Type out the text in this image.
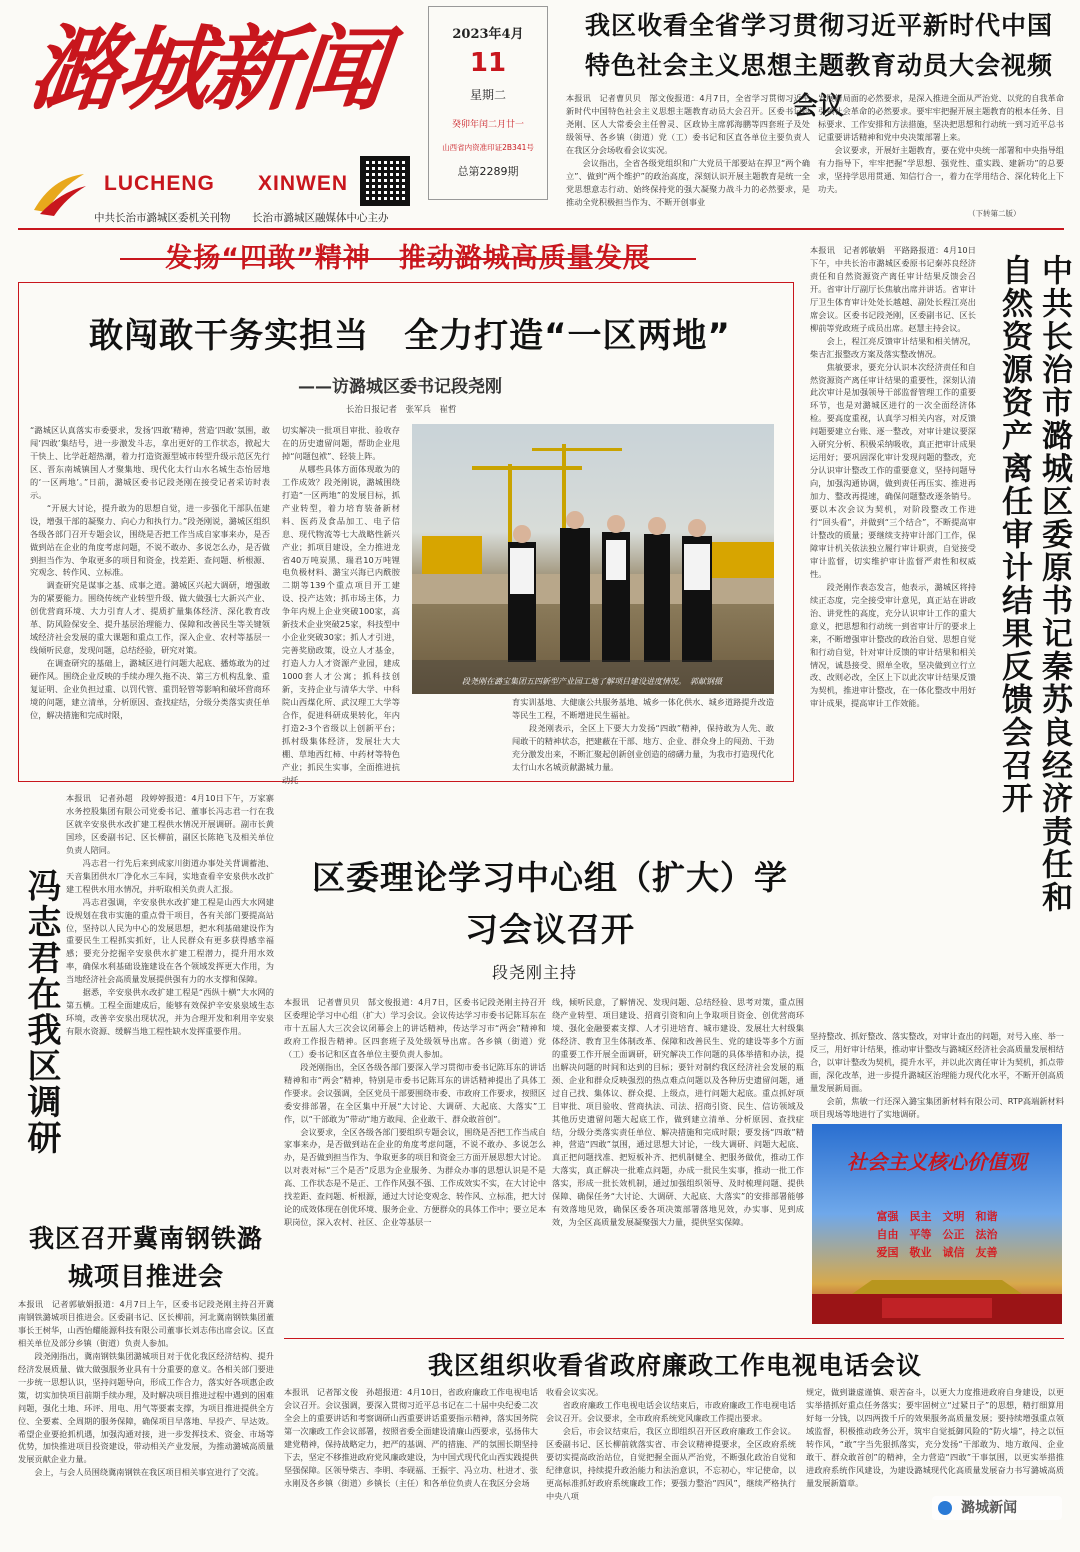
潞城新闻
LUCHENG XINWEN
中共长治市潞城区委机关刊物 长治市潞城区融媒体中心主办
2023年4月
11
星期二
癸卯年闰二月廿一
山西省内资准印证2B341号
总第2289期
我区收看全省学习贯彻习近平新时代中国特色社会主义思想主题教育动员大会视频会议
本报讯　记者曹贝贝　郜文俊报道：4月7日，全省学习贯彻习近平新时代中国特色社会主义思想主题教育动员大会召开。区委书记段尧刚、区人大常委会主任曾灵、区政协主席郭海鹏等四套班子及处级领导、各乡镇（街道）党（工）委书记和区直各单位主要负责人在我区分会场收看会议实况。
　　会议指出，全省各级党组织和广大党员干部要站在捍卫“两个确立”、做到“两个维护”的政治高度，深刻认识开展主题教育是统一全党思想意志行动、始终保持党的强大凝聚力战斗力的必然要求，是推动全党积极担当作为、不断开创事业
发展新局面的必然要求，是深入推进全面从严治党、以党的自我革命引领社会革命的必然要求。要牢牢把握开展主题教育的根本任务、目标要求、工作安排和方法措施，坚决把思想和行动统一到习近平总书记重要讲话精神和党中央决策部署上来。
　　会议要求，开展好主题教育，要在党中央统一部署和中央指导组有力指导下，牢牢把握“学思想、强党性、重实践、建新功”的总要求，坚持学思用贯通、知信行合一，着力在学用结合、深化转化上下功夫。
（下转第二版）
发扬“四敢”精神　推动潞城高质量发展
敢闯敢干务实担当　全力打造“一区两地”
——访潞城区委书记段尧刚
长治日报记者　张军兵　崔哲
“潞城区认真落实市委要求，发扬‘四敢’精神，营造‘四敢’氛围，敢闯‘四敢’集结号，进一步激发斗志，拿出更好的工作状态，掀起大干快上、比学赶超热潮，着力打造资源型城市转型升级示范区先行区、晋东南城镇国人才聚集地、现代化太行山水名城生态怡居地的‘一区两地’。”日前，潞城区委书记段尧刚在接受记者采访时表示。
　　“开展大讨论，提升敢为的思想自觉，进一步强化干部队伍建设，增强干部的凝聚力、向心力和执行力。”段尧刚说，潞城区组织各级各部门召开专题会议，围绕是否把工作当成自家事来办，是否做到站在企业的角度考虑问题，不说不敢办、多说怎么办，是否做到担当作为、争取更多的项目和资金，找差距、查问题、析根源、究观念、转作风、立标准。
　　调查研究是谋事之基、成事之道。潞城区兴起大调研，增强敢为的紧要能力。围绕传统产业转型升级、做大做强七大新兴产业、创优营商环境、大力引育人才、提质扩量集体经济、深化教育改革、防风险保安全、提升基层治理能力、保障和改善民生等关键领域经济社会发展的重大课题和重点工作，深入企业、农村等基层一线倾听民意，发现问题，总结经验，研究对策。
　　在调查研究的基础上，潞城区进行问题大起底、播炼敢为的过硬作风。围绕企业反映的手续办理久拖不决、第三方机构乱象、重复证明、企业负担过重、以罚代管、重罚轻管等影响和破坏营商环境的问题，建立清单，分析原因、查找症结，分级分类落实责任单位，解决措施和完成时限，
切实解决一批项目审批、验收存在的历史遗留问题，帮助企业甩掉“问题包袱”、轻装上阵。
　　从哪些具体方面体现敢为的工作成效？段尧刚说，潞城围绕打造“一区两地”的发展目标，抓产业转型，着力培育装备新材料、医药及食品加工、电子信息、现代物流等七大战略性新兴产业；抓项目建设，全力推进龙省40万吨炭黑、瑞君10万吨锂电负极材料、潞宝兴海已内酰胺二期等139个重点项目开工建设、投产达效；抓市场主体，力争年内规上企业突破100家，高新技术企业突破25家，科技型中小企业突破30家；抓人才引进，完善奖励政策，设立人才基金，打造人力人才资源产业园，建成1000套人才公寓；抓科技创新，支持企业与清华大学、中科院山西煤化所、武汉理工大学等合作，促进科研成果转化，年内打造2-3个省级以上创新平台；抓村级集体经济，发展壮大大棚、草地西红柿、中药材等特色产业；抓民生实事，全面推进抗动托
育实训基地、大健康公共服务基地、城乡一体化供水、城乡道路提升改造等民生工程，不断增进民生福祉。
　　段尧刚表示，全区上下要大力发扬“四敢”精神，保持敢为人先、敢闯敢干的精神状态，把建蔽在干部、地方、企业、群众身上的闯劲、干劲充分激发出来，不断汇聚起创新创业创造的磅礴力量，为我市打造现代化太行山水名城贡献潞城力量。
段尧刚在潞宝集团五四新型产业园工地了解项目建设进度情况。　郭献钢摄	中共长治市潞城区委原书记秦苏良经济责任和自然资源资产离任审计结果反馈会召开
本报讯　记者郭敏娟　平路路报道：4月10日下午，中共长治市潞城区委原书记秦苏良经济责任和自然资源资产离任审计结果反馈会召开。省审计厅副厅长焦敏出席并讲话。省审计厅卫生体育审计处处长越越、副处长程江亮出席会议。区委书记段尧刚，区委副书记、区长柳前等党政班子成员出席。赵慧主持会议。
　　会上，程江亮反馈审计结果和相关情况，柴吉汇报整改方案及落实整改情况。
　　焦敏要求，要充分认识本次经济责任和自然资源资产离任审计结果的重要性，深刻认清此次审计是加强领导干部监督管理工作的重要环节，也是对潞城区进行的一次全面经济体检。要高度重视，认真学习相关内容，对反馈问题要建立台账、逐一整改，对审计建议要深入研究分析、积极采纳吸收，真正把审计成果运用好；要巩固深化审计发现问题的整改，充分认识审计整改工作的重要意义，坚持问题导向，加强沟通协调，做到责任再压实、推进再加力、整改再提速，确保问题整改逐条销号。要以本次会议为契机，对阶段整改工作进行“回头看”，并做到“三个结合”，不断提高审计整改的质量；要继续支持审计部门工作，保障审计机关依法独立履行审计职责，自觉接受审计监督，切实维护审计监督严肃性和权威性。
　　段尧刚作表态发言，他表示，潞城区将持续正态度，完全接受审计意见，真正站在讲政治、讲党性的高度，充分认识审计工作的重大意义，把思想和行动统一到省审计厅的要求上来，不断增强审计整改的政治自觉、思想自觉和行动自觉，针对审计反馈的审计结果和相关情况，诚恳接受、照单全收，坚决做到立行立改、改则必改，全区上下以此次审计结果反馈为契机，推进审计整改，在一体化整改中用好审计成果，提高审计工作效能。
坚持整改、抓好整改、落实整改，对审计查出的问题，对号入座、举一反三，用好审计结果，推动审计整改与潞城区经济社会高质量发展相结合，以审计整改为契机，提升水平，并以此次离任审计为契机，抓点带面，深化改革，进一步提升潞城区治理能力现代化水平，不断开创高质量发展新局面。
　　会前，焦敏一行还深入潞宝集团新材料有限公司、RTP高端新材料项目现场等地进行了实地调研。
社会主义核心价值观
富强　民主　文明　和谐
自由　平等　公正　法治
爱国　敬业　诚信　友善
冯志君在我区调研
本报讯　记者孙超　段婷婷报道：4月10日下午，万家寨水务控股集团有限公司党委书记、董事长冯志君一行在我区就辛安泉供水改扩建工程供水情况开展调研。副市长黄国珍，区委副书记、区长柳前，副区长陈艳飞及相关单位负责人陪同。
　　冯志君一行先后来到成家川街道办事处关背调蓄池、天音集团供水厂净化水三车间，实地查看辛安泉供水改扩建工程供水用水情况，并听取相关负责人汇报。
　　冯志君强调，辛安泉供水改扩建工程是山西大水网建设规划在我市实施的重点骨干项目，各有关部门要提高站位，坚持以人民为中心的发展思想，把水利基础建设作为重要民生工程抓实抓好，让人民群众有更多获得感幸福感；要充分挖掘辛安泉供水扩建工程潜力，提升用水效率，确保水利基础设施建设在各个领域发挥更大作用，为当地经济社会高质量发展提供强有力的水支撑和保障。
　　据悉，辛安泉供水改扩建工程是“西纵十横”大水网的第五横。工程全面建成后，能够有效保护辛安泉泉域生态环境，改善辛安泉出现状况，并为合理开发和利用辛安泉有限水资源、缓解当地工程性缺水发挥重要作用。
区委理论学习中心组（扩大）学习会议召开
段尧刚主持
本报讯　记者曹贝贝　郜文俊报道：4月7日，区委书记段尧刚主持召开区委理论学习中心组（扩大）学习会议。会议传达学习市委书记陈耳东在市十五届人大三次会议闭幕会上的讲话精神，传达学习市“两会”精神和政府工作报告精神。区四套班子及处级领导出席。各乡镇（街道）党（工）委书记和区直各单位主要负责人参加。
　　段尧刚指出，全区各级各部门要深入学习贯彻市委书记陈耳东的讲话精神和市“两会”精神，特别是市委书记陈耳东的讲话精神提出了具体工作要求。会议强调，全区党员干部要围绕市委、市政府工作要求，按照区委安排部署，在全区集中开展“大讨论、大调研、大起底、大落实”工作，以“干部敢为”带动“地方敢闯、企业敢干、群众敢首创”。
　　会议要求，全区各级各部门要组织专题会议，围绕是否把工作当成自家事来办，是否做到站在企业的角度考虑问题，不说不敢办、多说怎么办，是否做到担当作为、争取更多的项目和资金三方面开展思想大讨论。以对表对标“三个是否”反思为企业服务、为群众办事的思想认识是不是高、工作状态是不是正、工作作风强不强、工作成效实不实，在大讨论中找差距、查问题、析根源，通过大讨论变观念、转作风、立标准，把大讨论的成效体现在创优环境、服务企业、方便群众的具体工作中；要立足本职岗位，深入农村、社区、企业等基层一
线，倾听民意，了解情况、发现问题、总结经验、思考对策，重点围绕产业转型、项目建设、招商引资和向上争取项目资金、创优营商环境、强化金融要素支撑、人才引进培育、城市建设、发展壮大村级集体经济、教育卫生体制改革、保障和改善民生、党的建设等多个方面的重要工作开展全面调研，研究解决工作问题的具体举措和办法，提出解决问题的时间和达到的目标；要针对制约我区经济社会发展的瓶颈、企业和群众反映强烈的热点难点问题以及各种历史遗留问题，通过自己找、集体议、群众提、上级点，进行问题大起底。重点抓好项目审批、项目验收、营商执法、司法、招商引资、民生、信访领域及其他历史遗留问题大起底工作，做到建立清单、分析原因、查找症结，分级分类落实责任单位、解决措施和完成时限；要发扬“四敢”精神，营造“四敢”氛围，通过思想大讨论，一线大调研、问题大起底、真正把问题找准、把短板补齐、把机制健全、把服务做优，推动工作大落实，真正解决一批难点问题，办成一批民生实事，推动一批工作落实，形成一批长效机制，通过加强组织领导、及时梳理问题、提供保障、确保任务“大讨论、大调研、大起底、大落实”的安排部署能够有效落地见效，确保区委各项决策部署落地见效，办实事、见到成效，为全区高质量发展凝聚强大力量，提供坚实保障。
我区召开冀南钢铁潞城项目推进会
本报讯　记者郭敏娟报道：4月7日上午，区委书记段尧刚主持召开冀南钢铁潞城项目推进会。区委副书记、区长柳前，河北冀南钢铁集团董事长王树华，山西怡耀能源科技有限公司董事长刘志伟出席会议。区直相关单位及部分乡镇（街道）负责人参加。
　　段尧刚指出，冀南钢铁集团潞城项目对于优化我区经济结构、提升经济发展质量、做大做强服务业具有十分重要的意义。各相关部门要进一步统一思想认识，坚持问题导向，形成工作合力，落实好各项惠企政策，切实加快项目前期手续办理，及时解决项目推进过程中遇到的困难问题，强化土地、环评、用电、用气等要素支撑，为项目推进提供全方位、全要素、全周期的服务保障，确保项目早落地、早投产、早达效。希望企业要抢抓机遇，加强沟通对接，进一步发挥技术、资金、市场等优势，加快推进项目投资建设，带动相关产业发展，为推动潞城高质量发展贡献企业力量。
　　会上，与会人员围绕冀南钢铁在我区项目相关事宜进行了交流。
我区组织收看省政府廉政工作电视电话会议
本报讯　记者郜文俊　孙超报道：4月10日，省政府廉政工作电视电话会议召开。会议强调，要深入贯彻习近平总书记在二十届中央纪委二次全会上的重要讲话和考察调研山西重要讲话重要指示精神，落实国务院第一次廉政工作会议部署，按照省委全面建设清廉山西要求，弘扬伟大建党精神，保持战略定力，把严的基调、严的措施、严的氛围长期坚持下去，坚定不移推进政府党风廉政建设，为中国式现代化山西实践提供坚强保障。区领导柴吉、李明、李砚福、王振宇、冯立功、杜进才、张永刚及各乡镇（街道）乡镇长（主任）和各单位负责人在我区分会场
收看会议实况。
　　省政府廉政工作电视电话会议结束后，市政府廉政工作电视电话会议召开。会议要求，全市政府系统党风廉政工作提出要求。
　　会后，市会议结束后，我区立即组织召开区政府廉政工作会议。区委副书记、区长柳前就落实省、市会议精神提要求，全区政府系统要切实提高政治站位，自觉把握全面从严治党，不断强化政治自觉和纪律意识，持续提升政治能力和法治意识，不忘初心，牢记使命，以更高标准抓好政府系统廉政工作；要强力整治“四风”，继续严格执行中央八项
规定，做到谦虚谨慎、艰苦奋斗，以更大力度推进政府自身建设，以更实举措抓好重点任务落实；要牢固树立“过紧日子”的思想，精打细算用好每一分钱，以四两拨千斤的效果服务高质量发展；要持续增强重点领域监督，积极推动政务公开，筑牢自觉抵御风险的“防火墙”，持之以恒转作风，“敢”字当先狠抓落实，充分发扬“干部敢为、地方敢闯、企业敢干、群众敢首创”的精神，全力营造“四敢”干事氛围，以更实举措推进政府系统作风建设，为建设潞城现代化高质量发展奋力书写潞城高质量发展新篇章。
潞城新闻
